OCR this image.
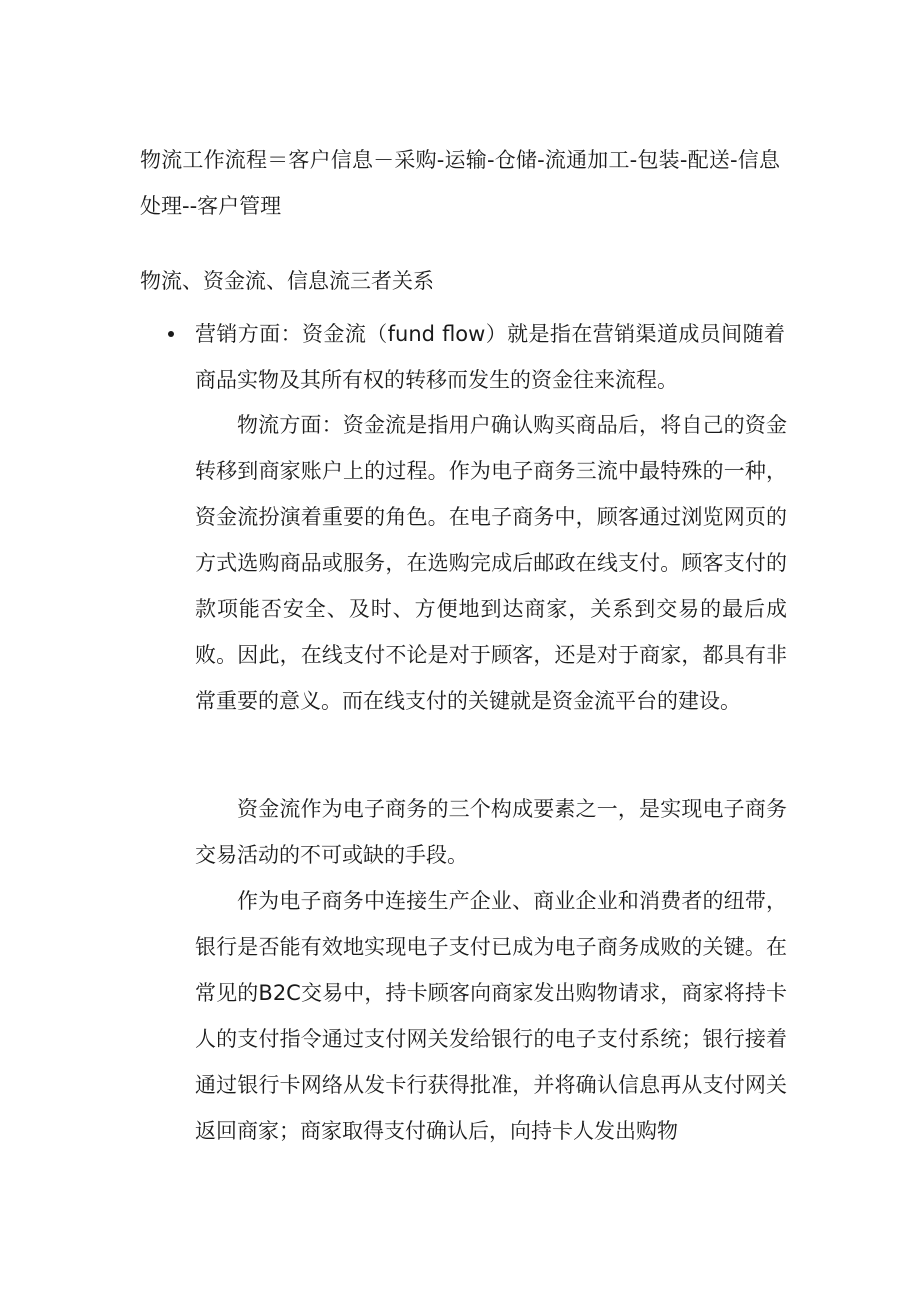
物流工作流程＝客户信息－采购-运输-仓储-流通加工-包装-配送-信息处理--客户管理

物流、资金流、信息流三者关系

营销方面：资金流（fund flow）就是指在营销渠道成员间随着商品实物及其所有权的转移而发生的资金往来流程。

物流方面：资金流是指用户确认购买商品后，将自己的资金转移到商家账户上的过程。作为电子商务三流中最特殊的一种，资金流扮演着重要的角色。在电子商务中，顾客通过浏览网页的方式选购商品或服务，在选购完成后邮政在线支付。顾客支付的款项能否安全、及时、方便地到达商家，关系到交易的最后成败。因此，在线支付不论是对于顾客，还是对于商家，都具有非常重要的意义。而在线支付的关键就是资金流平台的建设。

资金流作为电子商务的三个构成要素之一，是实现电子商务交易活动的不可或缺的手段。

作为电子商务中连接生产企业、商业企业和消费者的纽带，银行是否能有效地实现电子支付已成为电子商务成败的关键。在常见的B2C交易中，持卡顾客向商家发出购物请求，商家将持卡人的支付指令通过支付网关发给银行的电子支付系统；银行接着通过银行卡网络从发卡行获得批准，并将确认信息再从支付网关返回商家；商家取得支付确认后，向持卡人发出购物
